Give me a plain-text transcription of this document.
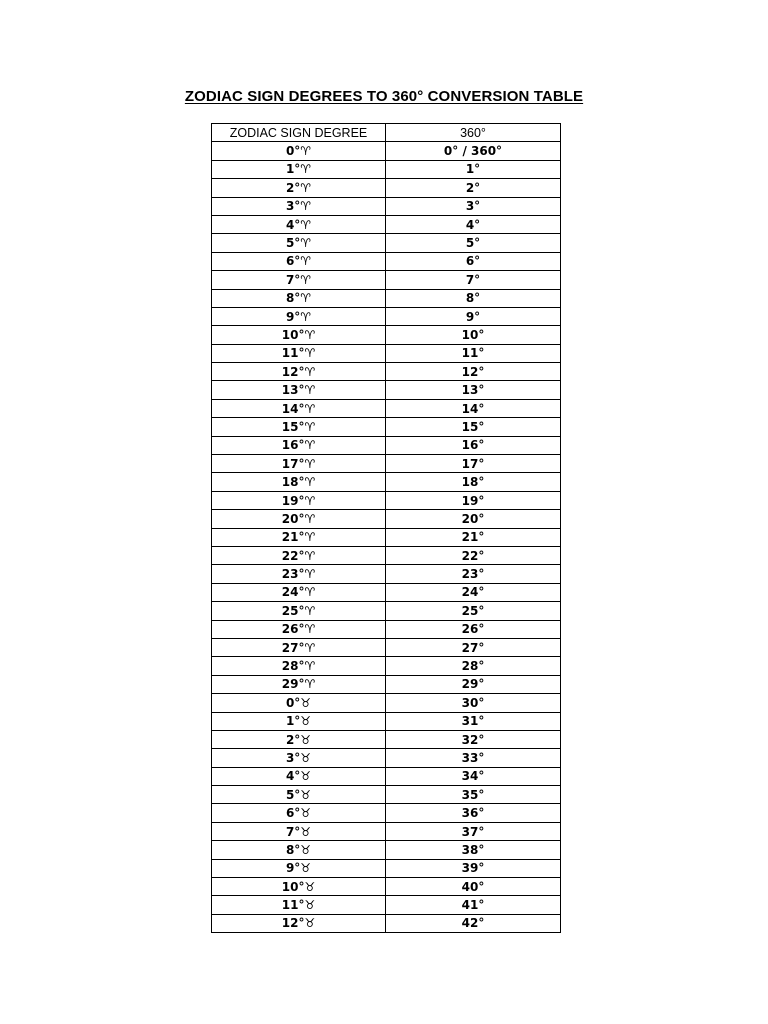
ZODIAC SIGN DEGREES TO 360° CONVERSION TABLE
ZODIAC SIGN DEGREE	360°
0°♈	0° / 360°
1°♈	1°
2°♈	2°
3°♈	3°
4°♈	4°
5°♈	5°
6°♈	6°
7°♈	7°
8°♈	8°
9°♈	9°
10°♈	10°
11°♈	11°
12°♈	12°
13°♈	13°
14°♈	14°
15°♈	15°
16°♈	16°
17°♈	17°
18°♈	18°
19°♈	19°
20°♈	20°
21°♈	21°
22°♈	22°
23°♈	23°
24°♈	24°
25°♈	25°
26°♈	26°
27°♈	27°
28°♈	28°
29°♈	29°
0°♉	30°
1°♉	31°
2°♉	32°
3°♉	33°
4°♉	34°
5°♉	35°
6°♉	36°
7°♉	37°
8°♉	38°
9°♉	39°
10°♉	40°
11°♉	41°
12°♉	42°
